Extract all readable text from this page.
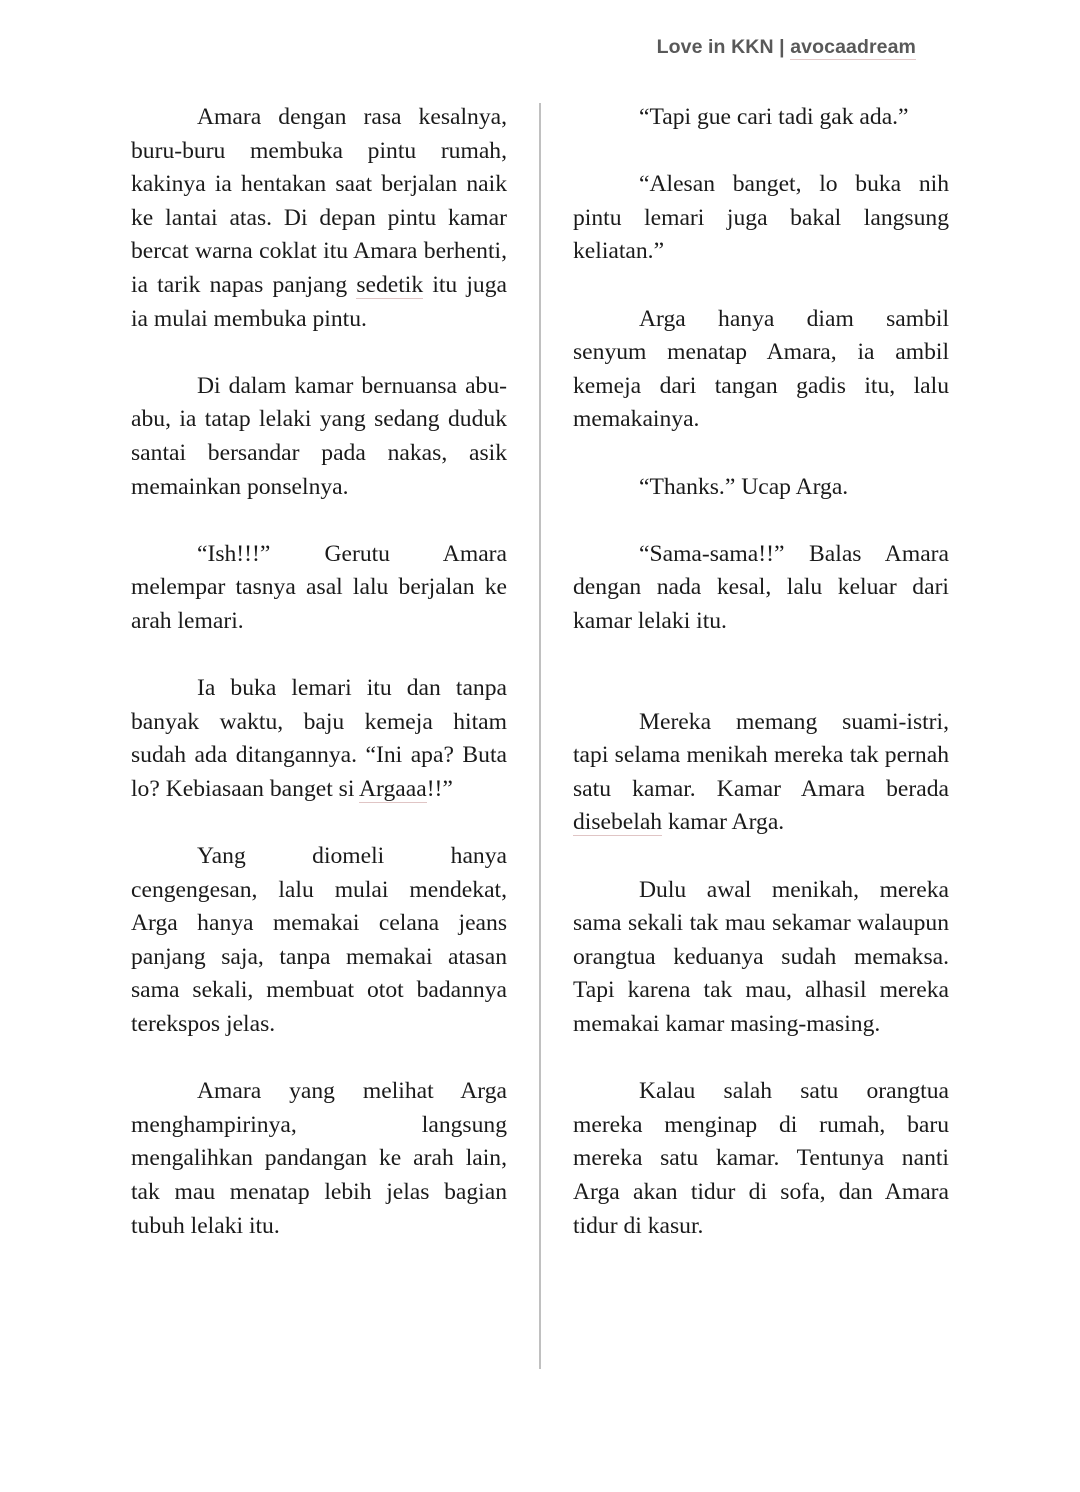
Love in KKN | avocaadream

Amara dengan rasa kesalnya, buru-buru membuka pintu rumah, kakinya ia hentakan saat berjalan naik ke lantai atas. Di depan pintu kamar bercat warna coklat itu Amara berhenti, ia tarik napas panjang sedetik itu juga ia mulai membuka pintu.

Di dalam kamar bernuansa abu-abu, ia tatap lelaki yang sedang duduk santai bersandar pada nakas, asik memainkan ponselnya.

“Ish!!!” Gerutu Amara melempar tasnya asal lalu berjalan ke arah lemari.

Ia buka lemari itu dan tanpa banyak waktu, baju kemeja hitam sudah ada ditangannya. “Ini apa? Buta lo? Kebiasaan banget si Argaaa!!”

Yang diomeli hanya cengengesan, lalu mulai mendekat, Arga hanya memakai celana jeans panjang saja, tanpa memakai atasan sama sekali, membuat otot badannya terekspos jelas.

Amara yang melihat Arga menghampirinya, langsung mengalihkan pandangan ke arah lain, tak mau menatap lebih jelas bagian tubuh lelaki itu.

“Tapi gue cari tadi gak ada.”

“Alesan banget, lo buka nih pintu lemari juga bakal langsung keliatan.”

Arga hanya diam sambil senyum menatap Amara, ia ambil kemeja dari tangan gadis itu, lalu memakainya.

“Thanks.” Ucap Arga.

“Sama-sama!!” Balas Amara dengan nada kesal, lalu keluar dari kamar lelaki itu.

Mereka memang suami-istri, tapi selama menikah mereka tak pernah satu kamar. Kamar Amara berada disebelah kamar Arga.

Dulu awal menikah, mereka sama sekali tak mau sekamar walaupun orangtua keduanya sudah memaksa. Tapi karena tak mau, alhasil mereka memakai kamar masing-masing.

Kalau salah satu orangtua mereka menginap di rumah, baru mereka satu kamar. Tentunya nanti Arga akan tidur di sofa, dan Amara tidur di kasur.
